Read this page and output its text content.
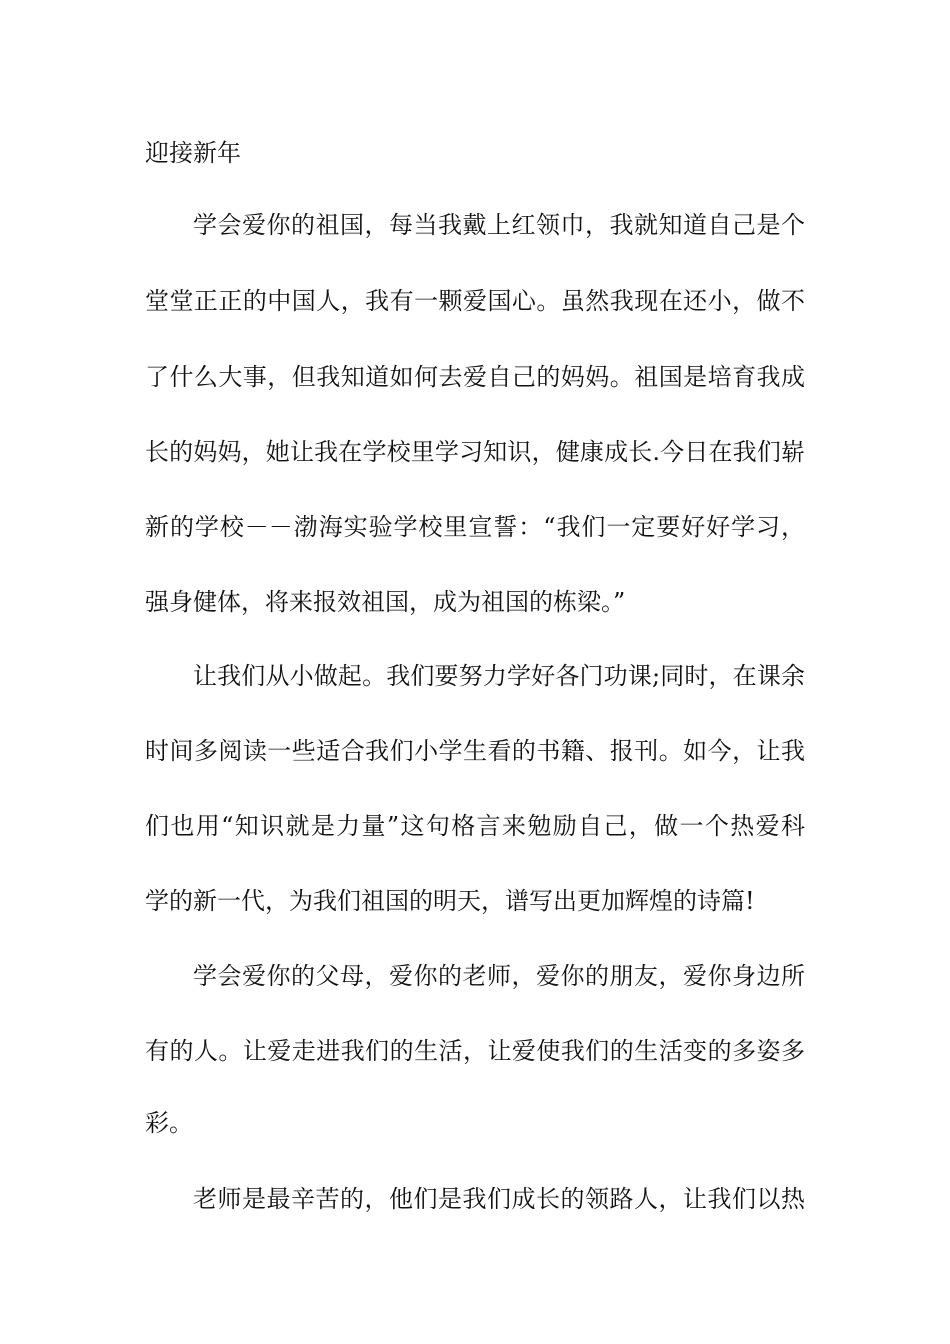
迎接新年
学会爱你的祖国，每当我戴上红领巾，我就知道自己是个
堂堂正正的中国人，我有一颗爱国心。虽然我现在还小，做不
了什么大事，但我知道如何去爱自己的妈妈。祖国是培育我成
长的妈妈，她让我在学校里学习知识，健康成长.今日在我们崭
新的学校－－渤海实验学校里宣誓：“我们一定要好好学习，
强身健体，将来报效祖国，成为祖国的栋梁。”
让我们从小做起。我们要努力学好各门功课;同时，在课余
时间多阅读一些适合我们小学生看的书籍、报刊。如今，让我
们也用“知识就是力量”这句格言来勉励自己，做一个热爱科
学的新一代，为我们祖国的明天，谱写出更加辉煌的诗篇!
学会爱你的父母，爱你的老师，爱你的朋友，爱你身边所
有的人。让爱走进我们的生活，让爱使我们的生活变的多姿多
彩。
老师是最辛苦的，他们是我们成长的领路人，让我们以热
